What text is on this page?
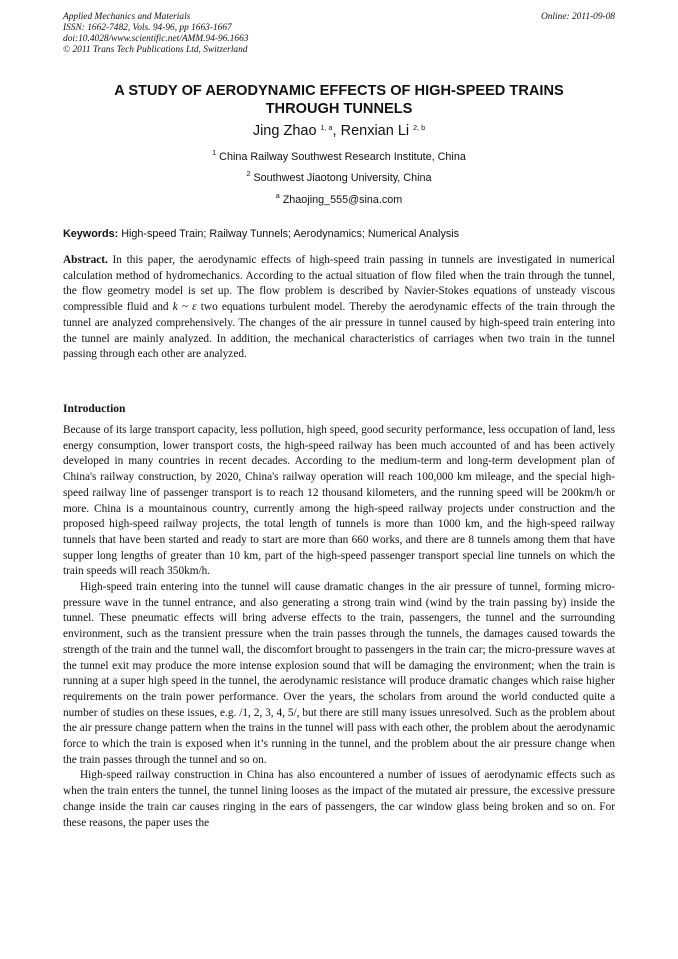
Applied Mechanics and Materials
ISSN: 1662-7482, Vols. 94-96, pp 1663-1667
doi:10.4028/www.scientific.net/AMM.94-96.1663
© 2011 Trans Tech Publications Ltd, Switzerland
Online: 2011-09-08
A STUDY OF AERODYNAMIC EFFECTS OF HIGH-SPEED TRAINS
THROUGH TUNNELS
Jing Zhao $^{1, a}$, Renxian Li $^{2, b}$
$^1$ China Railway Southwest Research Institute, China
$^2$ Southwest Jiaotong University, China
$^a$ Zhaojing_555@sina.com
Keywords: High-speed Train; Railway Tunnels; Aerodynamics; Numerical Analysis
Abstract. In this paper, the aerodynamic effects of high-speed train passing in tunnels are investigated in numerical calculation method of hydromechanics. According to the actual situation of flow filed when the train through the tunnel, the flow geometry model is set up. The flow problem is described by Navier-Stokes equations of unsteady viscous compressible fluid and k ~ ε two equations turbulent model. Thereby the aerodynamic effects of the train through the tunnel are analyzed comprehensively. The changes of the air pressure in tunnel caused by high-speed train entering into the tunnel are mainly analyzed. In addition, the mechanical characteristics of carriages when two train in the tunnel passing through each other are analyzed.
Introduction

Because of its large transport capacity, less pollution, high speed, good security performance, less occupation of land, less energy consumption, lower transport costs, the high-speed railway has been much accounted of and has been actively developed in many countries in recent decades. According to the medium-term and long-term development plan of China's railway construction, by 2020, China's railway operation will reach 100,000 km mileage, and the special high-speed railway line of passenger transport is to reach 12 thousand kilometers, and the running speed will be 200km/h or more. China is a mountainous country, currently among the high-speed railway projects under construction and the proposed high-speed railway projects, the total length of tunnels is more than 1000 km, and the high-speed railway tunnels that have been started and ready to start are more than 660 works, and there are 8 tunnels among them that have supper long lengths of greater than 10 km, part of the high-speed passenger transport special line tunnels on which the train speeds will reach 350km/h.

High-speed train entering into the tunnel will cause dramatic changes in the air pressure of tunnel, forming micro-pressure wave in the tunnel entrance, and also generating a strong train wind (wind by the train passing by) inside the tunnel. These pneumatic effects will bring adverse effects to the train, passengers, the tunnel and the surrounding environment, such as the transient pressure when the train passes through the tunnels, the damages caused towards the strength of the train and the tunnel wall, the discomfort brought to passengers in the train car; the micro-pressure waves at the tunnel exit may produce the more intense explosion sound that will be damaging the environment; when the train is running at a super high speed in the tunnel, the aerodynamic resistance will produce dramatic changes which raise higher requirements on the train power performance. Over the years, the scholars from around the world conducted quite a number of studies on these issues, e.g. /1, 2, 3, 4, 5/, but there are still many issues unresolved. Such as the problem about the air pressure change pattern when the trains in the tunnel will pass with each other, the problem about the aerodynamic force to which the train is exposed when it’s running in the tunnel, and the problem about the air pressure change when the train passes through the tunnel and so on.

High-speed railway construction in China has also encountered a number of issues of aerodynamic effects such as when the train enters the tunnel, the tunnel lining looses as the impact of the mutated air pressure, the excessive pressure change inside the train car causes ringing in the ears of passengers, the car window glass being broken and so on. For these reasons, the paper uses the
